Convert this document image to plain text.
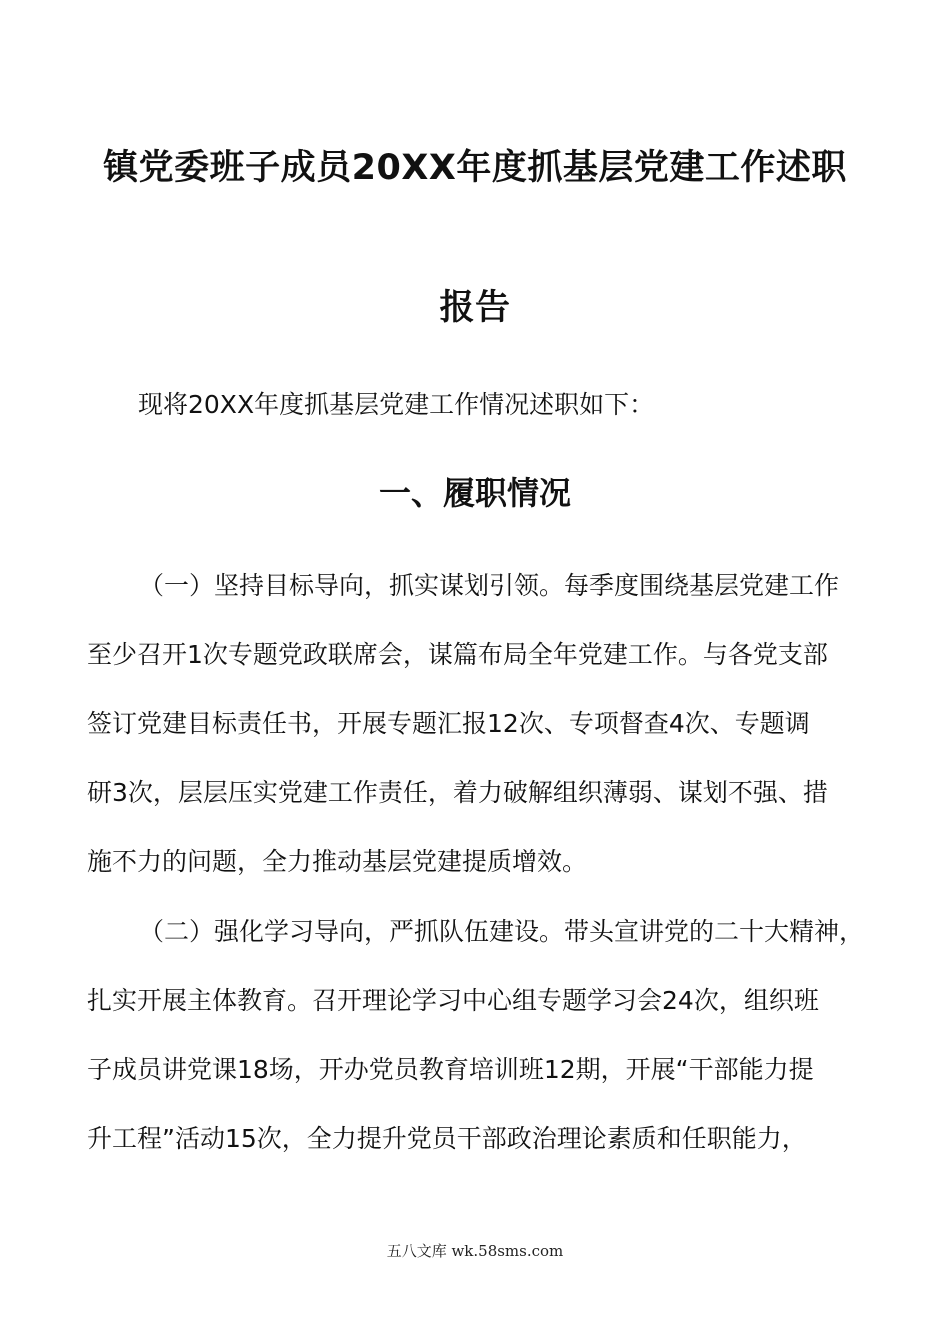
镇党委班子成员20XX年度抓基层党建工作述职
报告
现将20XX年度抓基层党建工作情况述职如下：
一、履职情况
（一）坚持目标导向，抓实谋划引领。每季度围绕基层党建工作
至少召开1次专题党政联席会，谋篇布局全年党建工作。与各党支部
签订党建目标责任书，开展专题汇报12次、专项督查4次、专题调
研3次，层层压实党建工作责任，着力破解组织薄弱、谋划不强、措
施不力的问题，全力推动基层党建提质增效。
（二）强化学习导向，严抓队伍建设。带头宣讲党的二十大精神，
扎实开展主体教育。召开理论学习中心组专题学习会24次，组织班
子成员讲党课18场，开办党员教育培训班12期，开展“干部能力提
升工程”活动15次，全力提升党员干部政治理论素质和任职能力，
五八文库 wk.58sms.com
